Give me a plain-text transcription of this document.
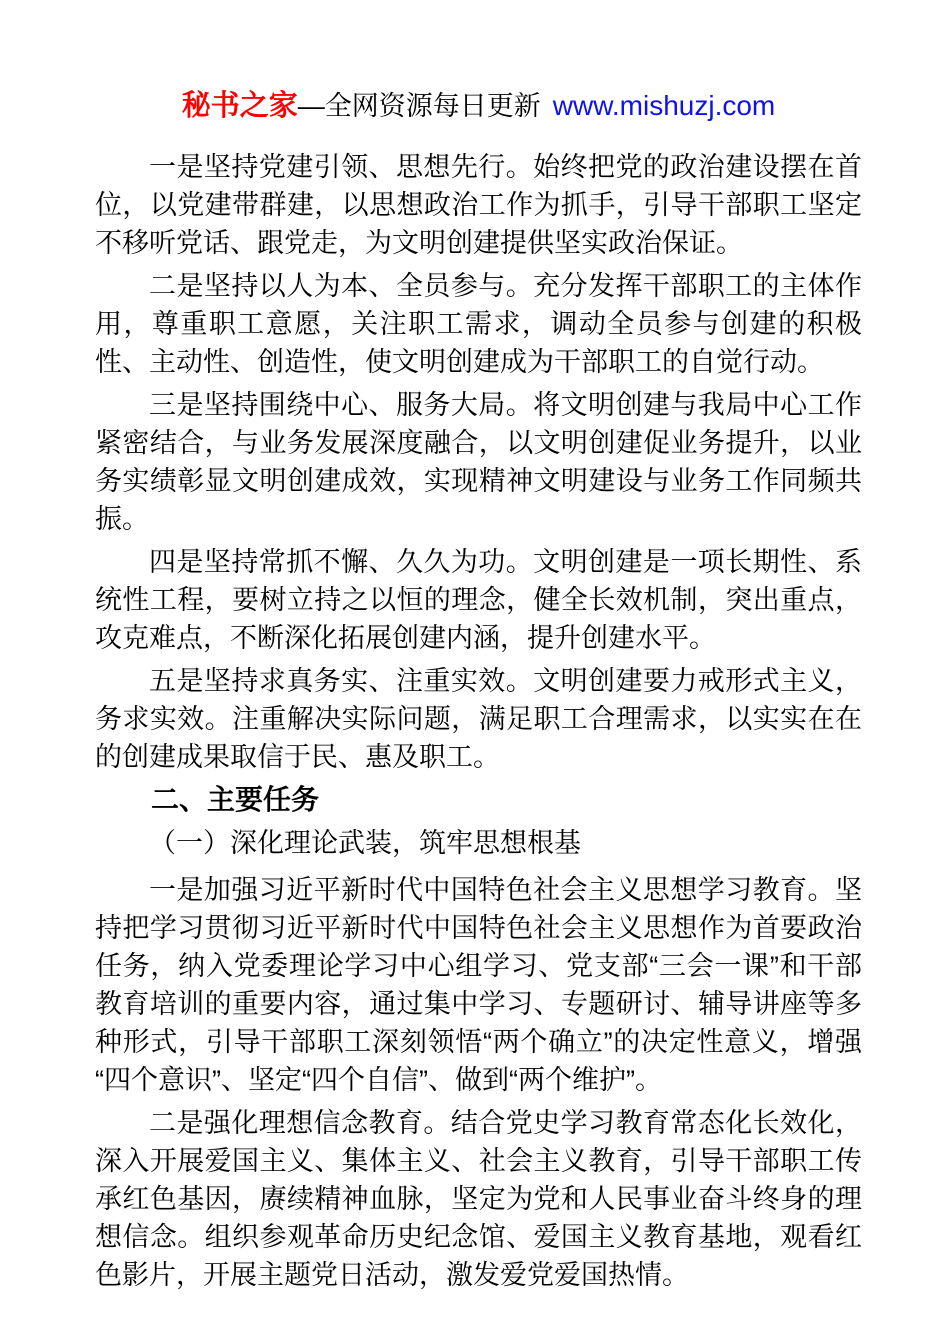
秘书之家—全网资源每日更新 www.mishuzj.com

一是坚持党建引领、思想先行。始终把党的政治建设摆在首位，以党建带群建，以思想政治工作为抓手，引导干部职工坚定不移听党话、跟党走，为文明创建提供坚实政治保证。

二是坚持以人为本、全员参与。充分发挥干部职工的主体作用，尊重职工意愿，关注职工需求，调动全员参与创建的积极性、主动性、创造性，使文明创建成为干部职工的自觉行动。

三是坚持围绕中心、服务大局。将文明创建与我局中心工作紧密结合，与业务发展深度融合，以文明创建促业务提升，以业务实绩彰显文明创建成效，实现精神文明建设与业务工作同频共振。

四是坚持常抓不懈、久久为功。文明创建是一项长期性、系统性工程，要树立持之以恒的理念，健全长效机制，突出重点，攻克难点，不断深化拓展创建内涵，提升创建水平。

五是坚持求真务实、注重实效。文明创建要力戒形式主义，务求实效。注重解决实际问题，满足职工合理需求，以实实在在的创建成果取信于民、惠及职工。

二、主要任务

（一）深化理论武装，筑牢思想根基

一是加强习近平新时代中国特色社会主义思想学习教育。坚持把学习贯彻习近平新时代中国特色社会主义思想作为首要政治任务，纳入党委理论学习中心组学习、党支部“三会一课”和干部教育培训的重要内容，通过集中学习、专题研讨、辅导讲座等多种形式，引导干部职工深刻领悟“两个确立”的决定性意义，增强“四个意识”、坚定“四个自信”、做到“两个维护”。

二是强化理想信念教育。结合党史学习教育常态化长效化，深入开展爱国主义、集体主义、社会主义教育，引导干部职工传承红色基因，赓续精神血脉，坚定为党和人民事业奋斗终身的理想信念。组织参观革命历史纪念馆、爱国主义教育基地，观看红色影片，开展主题党日活动，激发爱党爱国热情。
